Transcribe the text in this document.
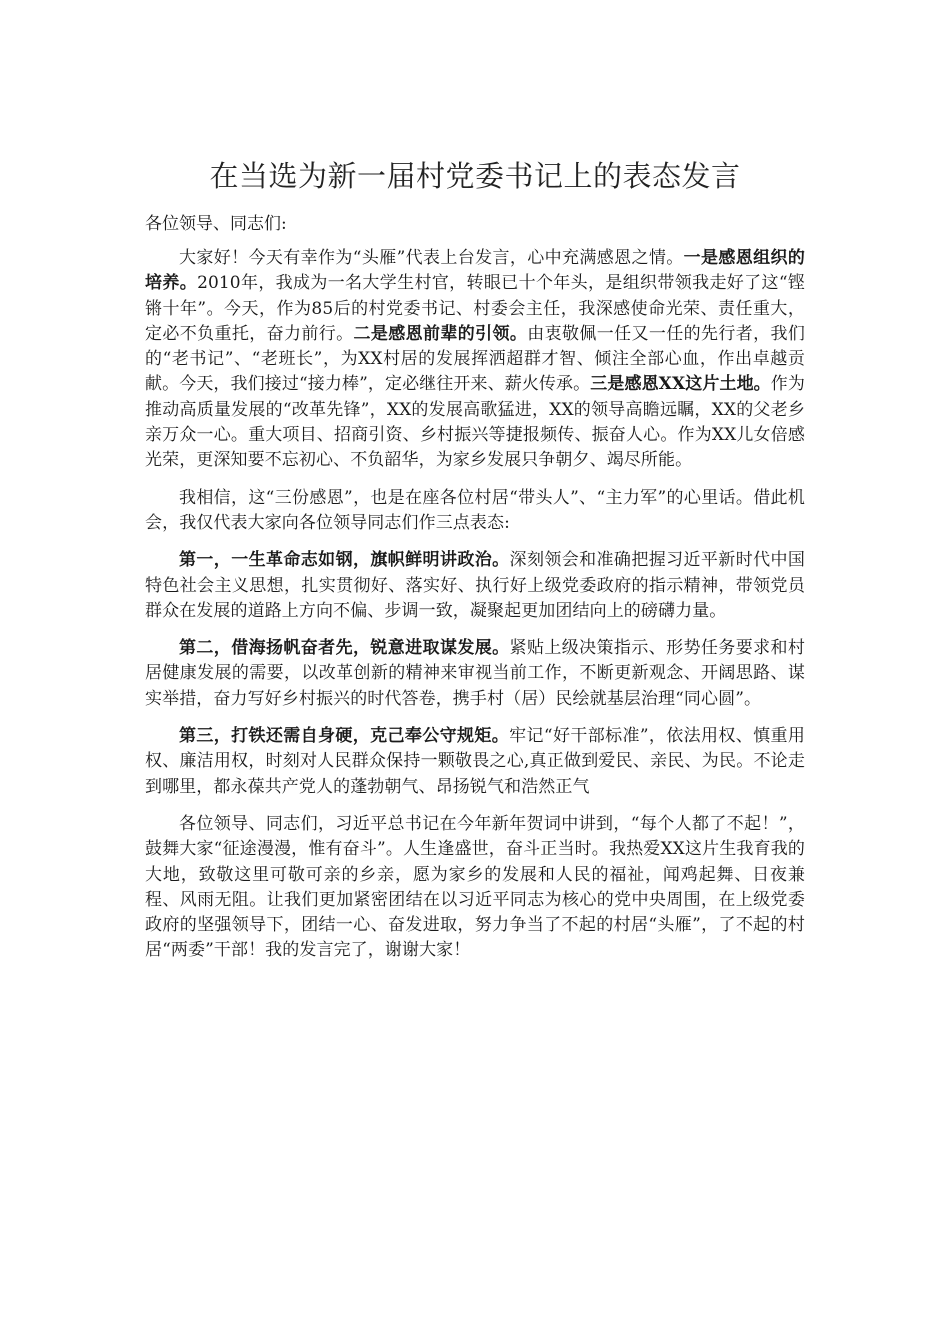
在当选为新一届村党委书记上的表态发言
各位领导、同志们:

大家好！今天有幸作为“头雁”代表上台发言，心中充满感恩之情。一是感恩组织的培养。2010年，我成为一名大学生村官，转眼已十个年头，是组织带领我走好了这“铿锵十年”。今天，作为85后的村党委书记、村委会主任，我深感使命光荣、责任重大，定必不负重托，奋力前行。二是感恩前辈的引领。由衷敬佩一任又一任的先行者，我们的“老书记”、“老班长”，为XX村居的发展挥洒超群才智、倾注全部心血，作出卓越贡献。今天，我们接过“接力棒”，定必继往开来、薪火传承。三是感恩XX这片土地。作为推动高质量发展的“改革先锋”，XX的发展高歌猛进，XX的领导高瞻远瞩，XX的父老乡亲万众一心。重大项目、招商引资、乡村振兴等捷报频传、振奋人心。作为XX儿女倍感光荣，更深知要不忘初心、不负韶华，为家乡发展只争朝夕、竭尽所能。

我相信，这“三份感恩”，也是在座各位村居“带头人”、“主力军”的心里话。借此机会，我仅代表大家向各位领导同志们作三点表态:

第一，一生革命志如钢，旗帜鲜明讲政治。深刻领会和准确把握习近平新时代中国特色社会主义思想，扎实贯彻好、落实好、执行好上级党委政府的指示精神，带领党员群众在发展的道路上方向不偏、步调一致，凝聚起更加团结向上的磅礴力量。

第二，借海扬帆奋者先，锐意进取谋发展。紧贴上级决策指示、形势任务要求和村居健康发展的需要，以改革创新的精神来审视当前工作，不断更新观念、开阔思路、谋实举措，奋力写好乡村振兴的时代答卷，携手村（居）民绘就基层治理“同心圆”。

第三，打铁还需自身硬，克己奉公守规矩。牢记“好干部标准”，依法用权、慎重用权、廉洁用权，时刻对人民群众保持一颗敬畏之心,真正做到爱民、亲民、为民。不论走到哪里，都永葆共产党人的蓬勃朝气、昂扬锐气和浩然正气

各位领导、同志们，习近平总书记在今年新年贺词中讲到，“每个人都了不起！”，鼓舞大家“征途漫漫，惟有奋斗”。人生逢盛世，奋斗正当时。我热爱XX这片生我育我的大地，致敬这里可敬可亲的乡亲，愿为家乡的发展和人民的福祉，闻鸡起舞、日夜兼程、风雨无阻。让我们更加紧密团结在以习近平同志为核心的党中央周围，在上级党委政府的坚强领导下，团结一心、奋发进取，努力争当了不起的村居“头雁”，了不起的村居“两委”干部！我的发言完了，谢谢大家！
